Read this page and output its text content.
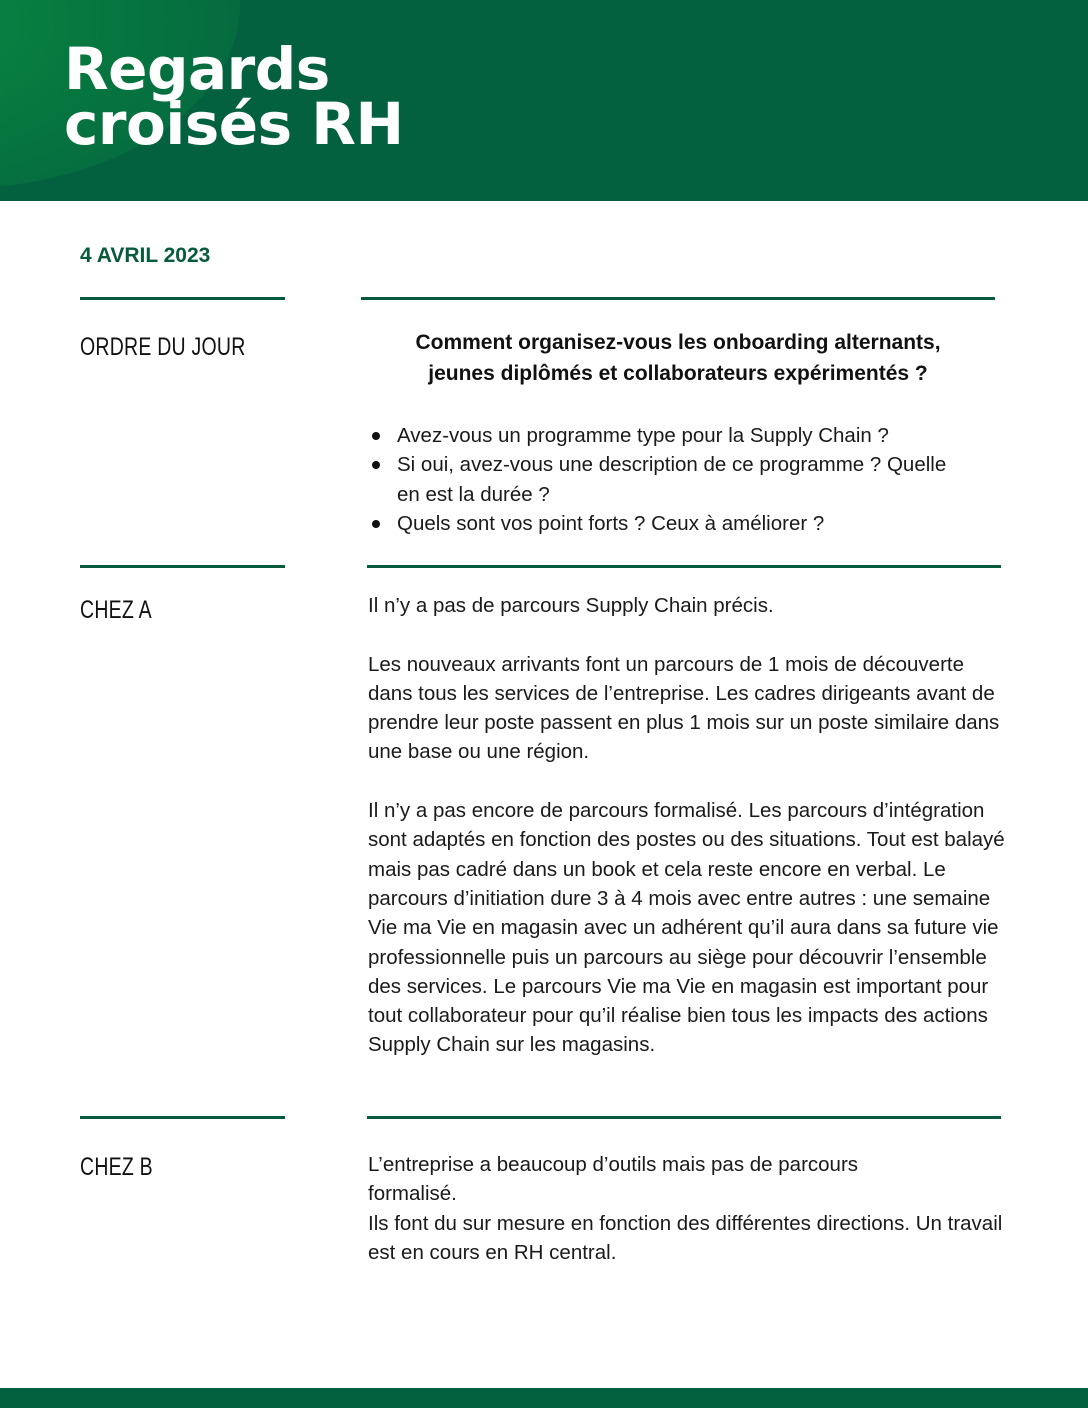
Regards
croisés RH
4 AVRIL 2023
ORDRE DU JOUR	Comment organisez-vous les onboarding alternants,
jeunes diplômés et collaborateurs expérimentés ?
Avez-vous un programme type pour la Supply Chain ?
Si oui, avez-vous une description de ce programme ? Quelle en est la durée ?
Quels sont vos point forts ? Ceux à améliorer ?
CHEZ A	Il n’y a pas de parcours Supply Chain précis.

Les nouveaux arrivants font un parcours de 1 mois de découverte dans tous les services de l’entreprise. Les cadres dirigeants avant de prendre leur poste passent en plus 1 mois sur un poste similaire dans une base ou une région.

Il n’y a pas encore de parcours formalisé. Les parcours d’intégration sont adaptés en fonction des postes ou des situations. Tout est balayé mais pas cadré dans un book et cela reste encore en verbal. Le parcours d’initiation dure 3 à 4 mois avec entre autres : une semaine Vie ma Vie en magasin avec un adhérent qu’il aura dans sa future vie professionnelle puis un parcours au siège pour découvrir l’ensemble des services. Le parcours Vie ma Vie en magasin est important pour tout collaborateur pour qu’il réalise bien tous les impacts des actions Supply Chain sur les magasins.

CHEZ B	L’entreprise a beaucoup d’outils mais pas de parcours formalisé.

Ils font du sur mesure en fonction des différentes directions. Un travail est en cours en RH central.
